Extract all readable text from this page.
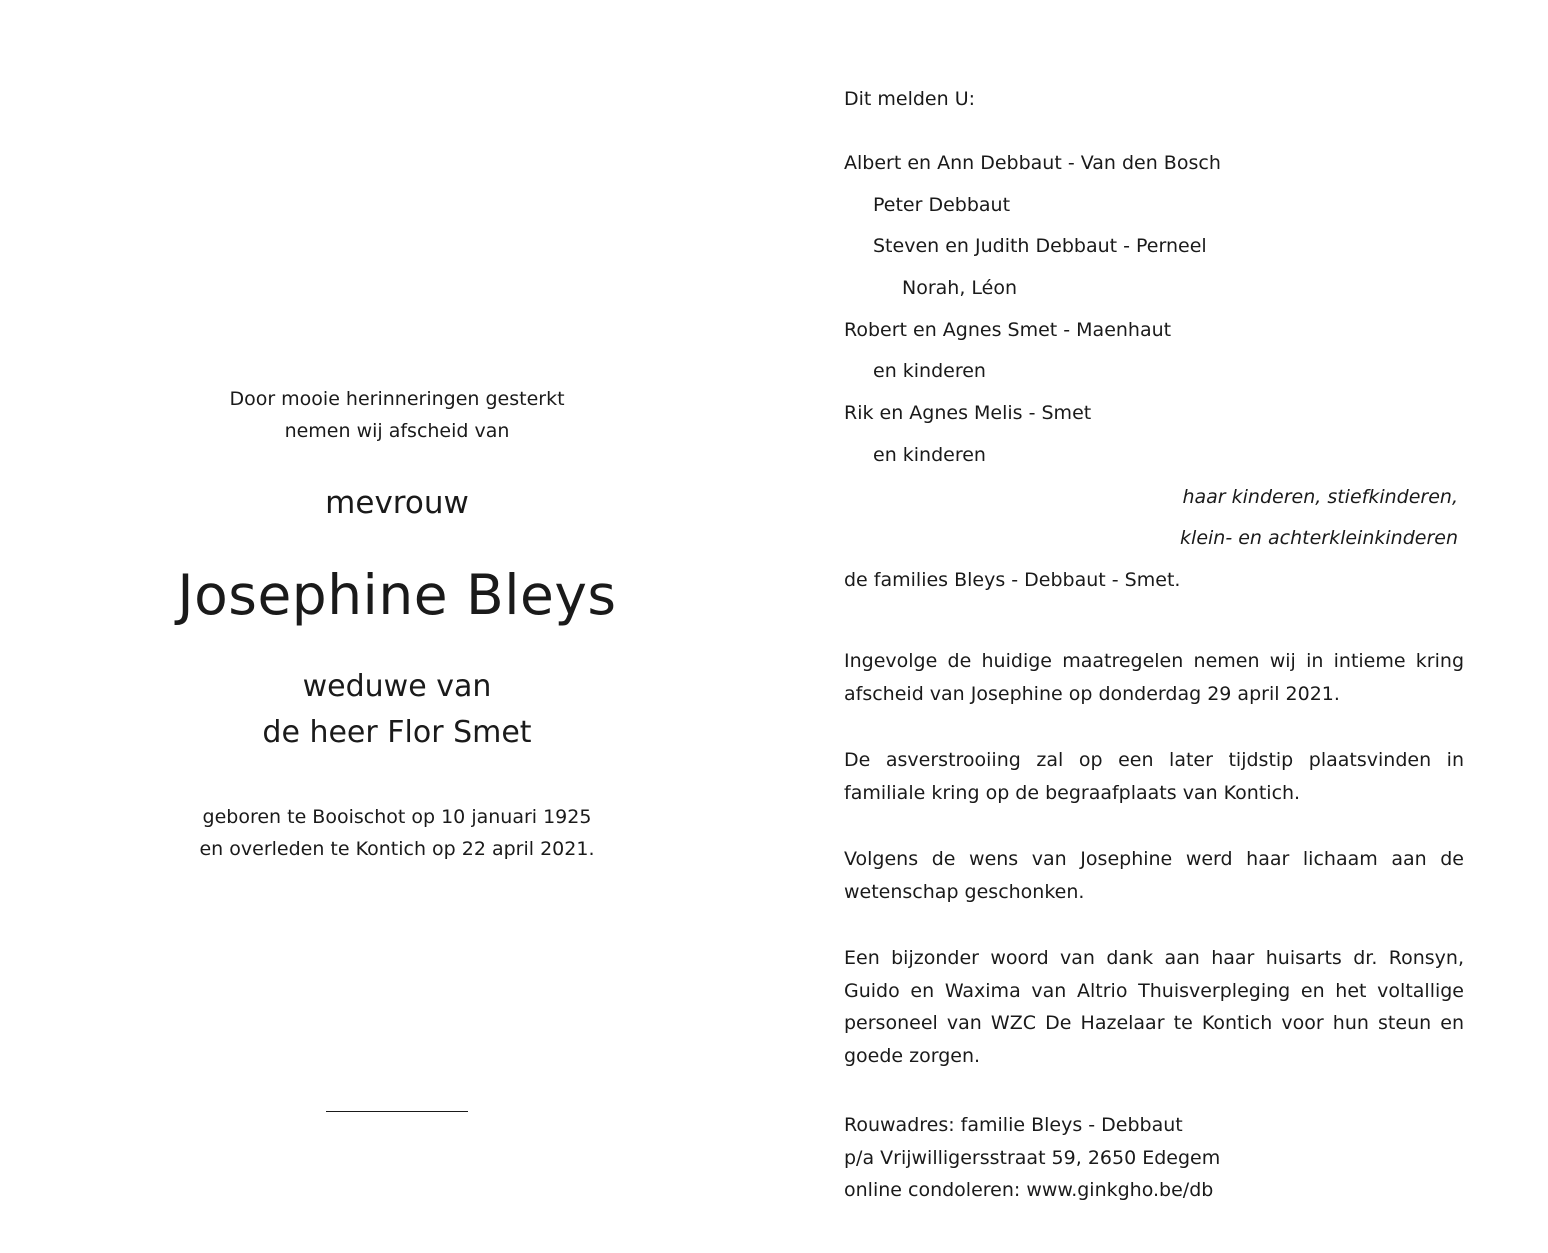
Door mooie herinneringen gesterkt
nemen wij afscheid van
mevrouw
Josephine Bleys
weduwe van
de heer Flor Smet
geboren te Booischot op 10 januari 1925
en overleden te Kontich op 22 april 2021.
Dit melden U:
Albert en Ann Debbaut - Van den Bosch
Peter Debbaut
Steven en Judith Debbaut - Perneel
Norah, Léon
Robert en Agnes Smet - Maenhaut
en kinderen
Rik en Agnes Melis - Smet
en kinderen
haar kinderen, stiefkinderen,
klein- en achterkleinkinderen
de families Bleys - Debbaut - Smet.

Ingevolge de huidige maatregelen nemen wij in intieme kring afscheid van Josephine op donderdag 29 april 2021.

De asverstrooiing zal op een later tijdstip plaatsvinden in familiale kring op de begraafplaats van Kontich.

Volgens de wens van Josephine werd haar lichaam aan de wetenschap geschonken.

Een bijzonder woord van dank aan haar huisarts dr. Ronsyn, Guido en Waxima van Altrio Thuisverpleging en het voltallige personeel van WZC De Hazelaar te Kontich voor hun steun en goede zorgen.

Rouwadres: familie Bleys - Debbaut
p/a Vrijwilligersstraat 59, 2650 Edegem
online condoleren: www.ginkgho.be/db
